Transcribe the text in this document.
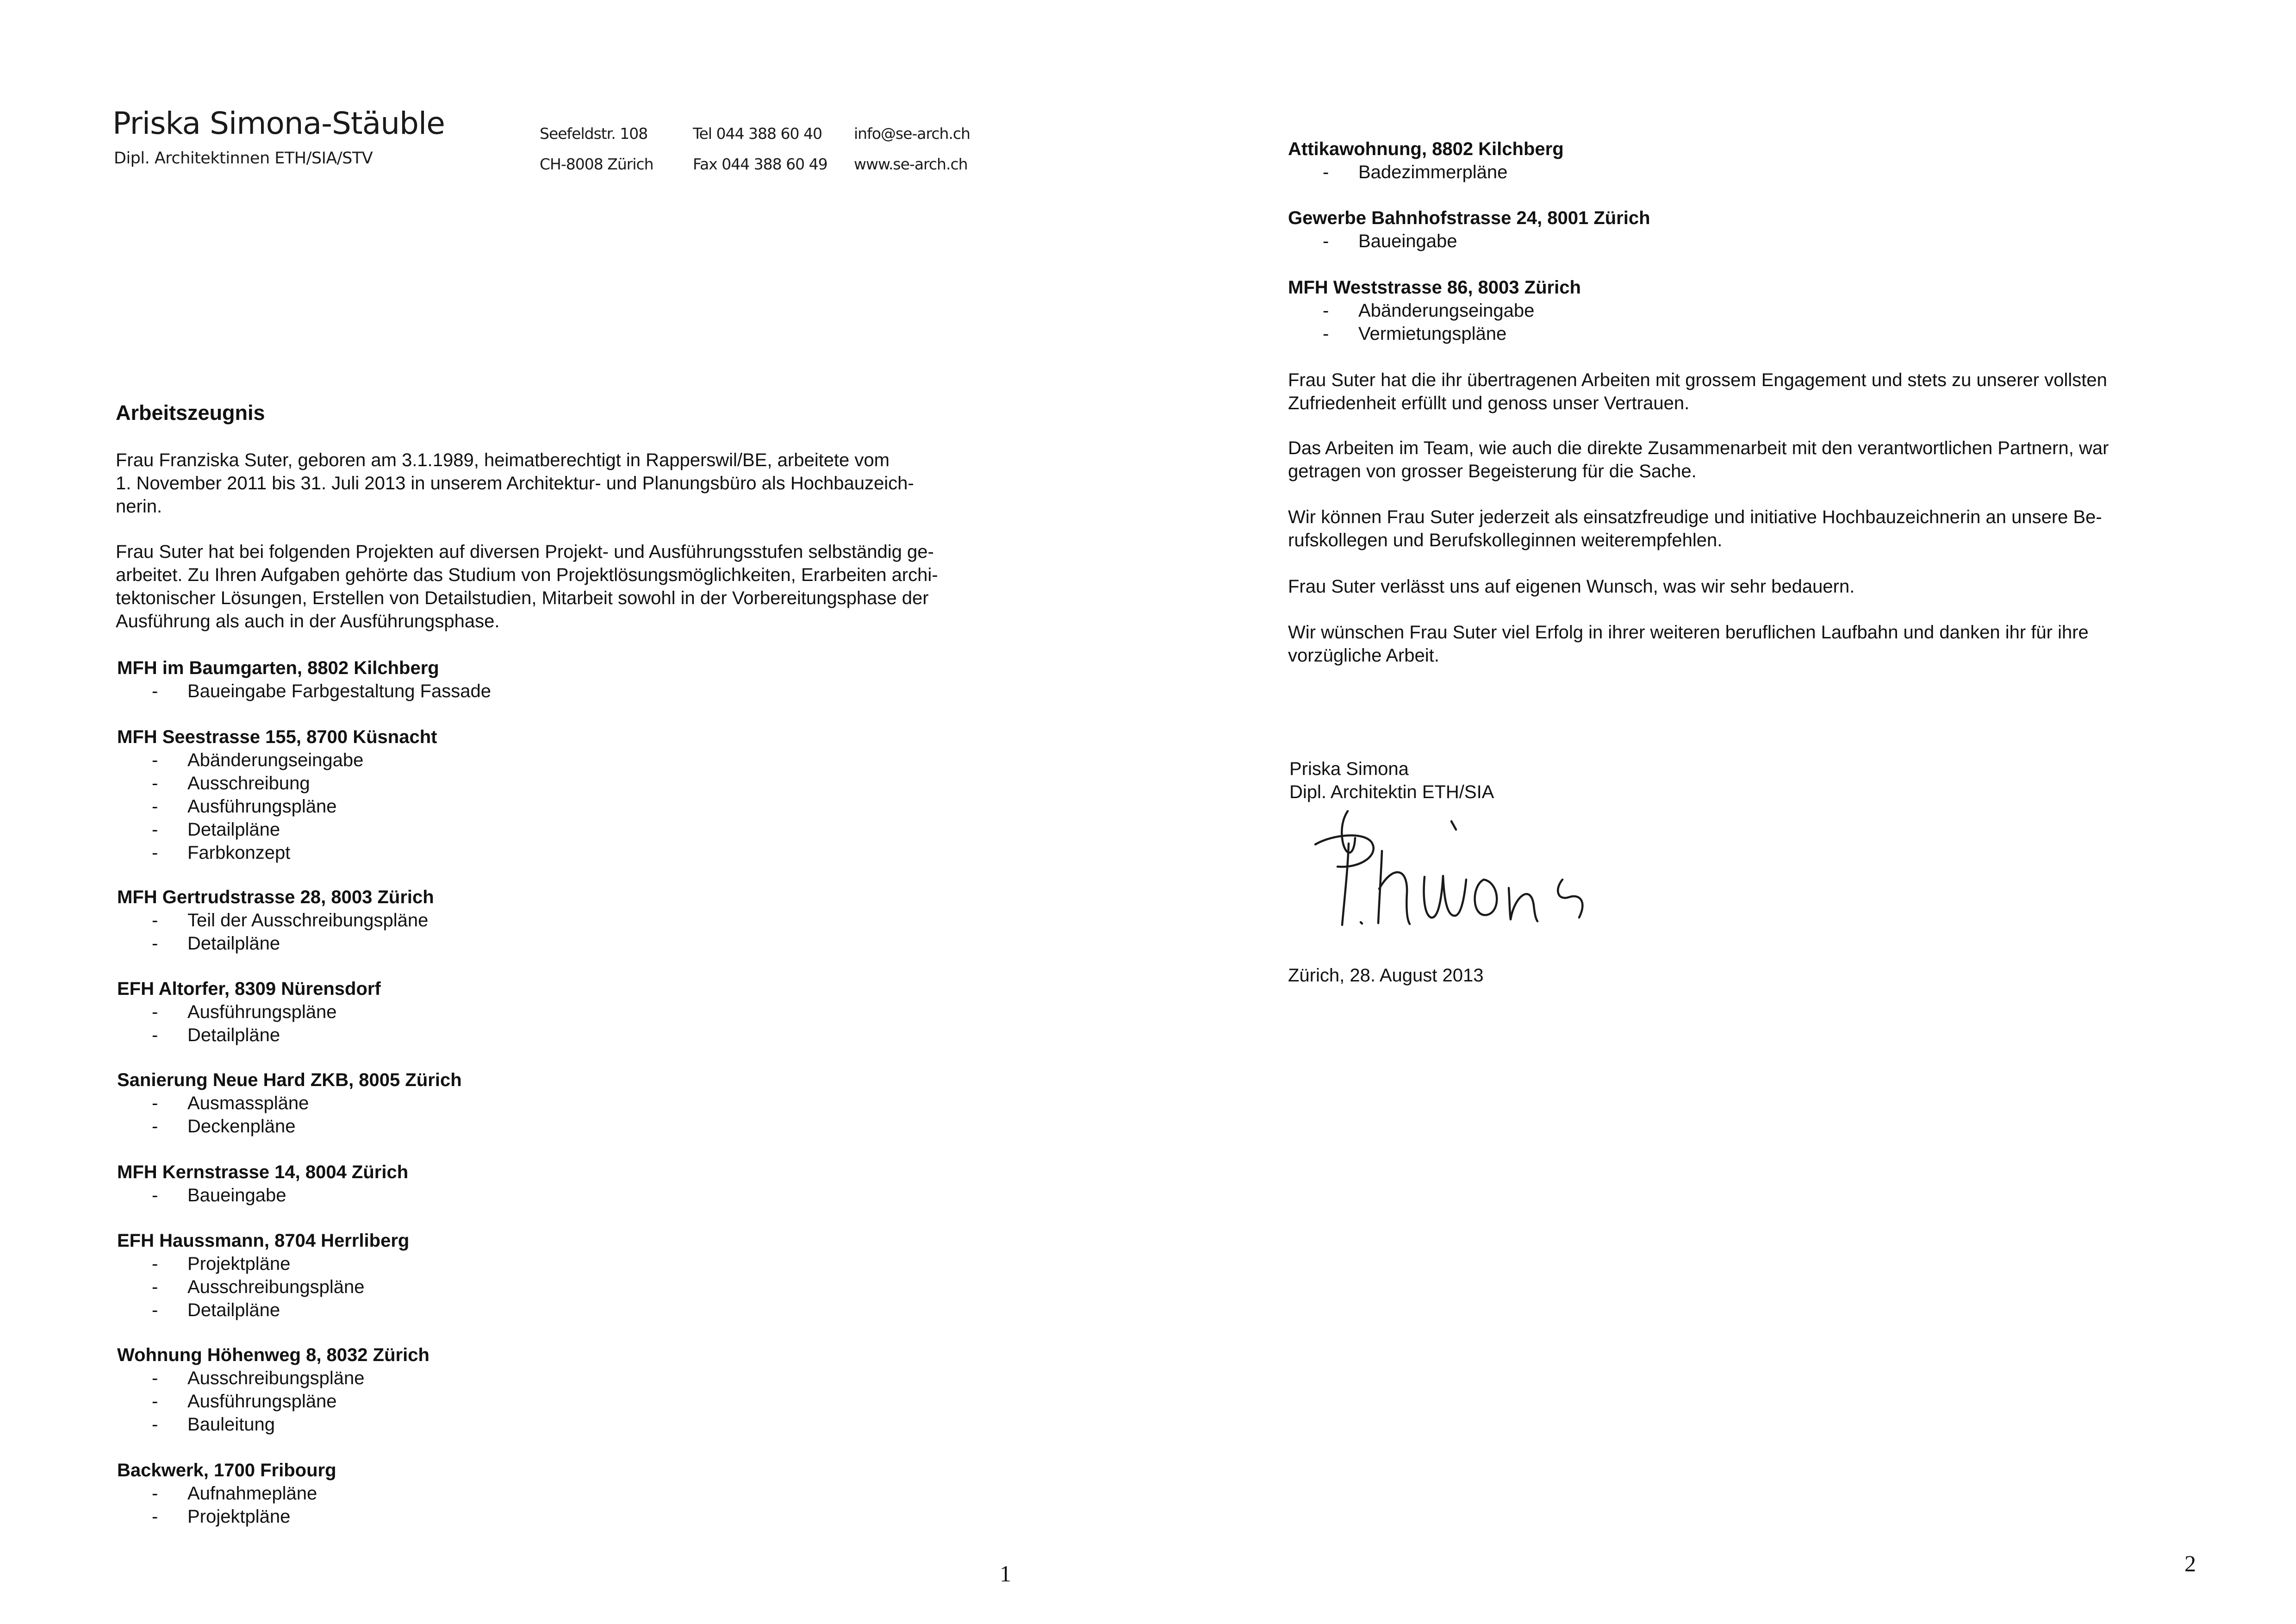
Priska Simona-Stäuble
Dipl. Architektinnen ETH/SIA/STV
Seefeldstr. 108
CH-8008 Zürich
Tel 044 388 60 40
Fax 044 388 60 49
info@se-arch.ch
www.se-arch.ch
Arbeitszeugnis
Frau Franziska Suter, geboren am 3.1.1989, heimatberechtigt in Rapperswil/BE, arbeitete vom
1. November 2011 bis 31. Juli 2013 in unserem Architektur- und Planungsbüro als Hochbauzeich-
nerin.
Frau Suter hat bei folgenden Projekten auf diversen Projekt- und Ausführungsstufen selbständig ge-
arbeitet. Zu Ihren Aufgaben gehörte das Studium von Projektlösungsmöglichkeiten, Erarbeiten archi-
tektonischer Lösungen, Erstellen von Detailstudien, Mitarbeit sowohl in der Vorbereitungsphase der
Ausführung als auch in der Ausführungsphase.
MFH im Baumgarten, 8802 Kilchberg
- Baueingabe Farbgestaltung Fassade
MFH Seestrasse 155, 8700 Küsnacht
- Abänderungseingabe
- Ausschreibung
- Ausführungspläne
- Detailpläne
- Farbkonzept
MFH Gertrudstrasse 28, 8003 Zürich
- Teil der Ausschreibungspläne
- Detailpläne
EFH Altorfer, 8309 Nürensdorf
- Ausführungspläne
- Detailpläne
Sanierung Neue Hard ZKB, 8005 Zürich
- Ausmasspläne
- Deckenpläne
MFH Kernstrasse 14, 8004 Zürich
- Baueingabe
EFH Haussmann, 8704 Herrliberg
- Projektpläne
- Ausschreibungspläne
- Detailpläne
Wohnung Höhenweg 8, 8032 Zürich
- Ausschreibungspläne
- Ausführungspläne
- Bauleitung
Backwerk, 1700 Fribourg
- Aufnahmepläne
- Projektpläne
1
Attikawohnung, 8802 Kilchberg
- Badezimmerpläne
Gewerbe Bahnhofstrasse 24, 8001 Zürich
- Baueingabe
MFH Weststrasse 86, 8003 Zürich
- Abänderungseingabe
- Vermietungspläne
Frau Suter hat die ihr übertragenen Arbeiten mit grossem Engagement und stets zu unserer vollsten
Zufriedenheit erfüllt und genoss unser Vertrauen.
Das Arbeiten im Team, wie auch die direkte Zusammenarbeit mit den verantwortlichen Partnern, war
getragen von grosser Begeisterung für die Sache.
Wir können Frau Suter jederzeit als einsatzfreudige und initiative Hochbauzeichnerin an unsere Be-
rufskollegen und Berufskolleginnen weiterempfehlen.
Frau Suter verlässt uns auf eigenen Wunsch, was wir sehr bedauern.
Wir wünschen Frau Suter viel Erfolg in ihrer weiteren beruflichen Laufbahn und danken ihr für ihre
vorzügliche Arbeit.
Priska Simona
Dipl. Architektin ETH/SIA
Zürich, 28. August 2013
2
